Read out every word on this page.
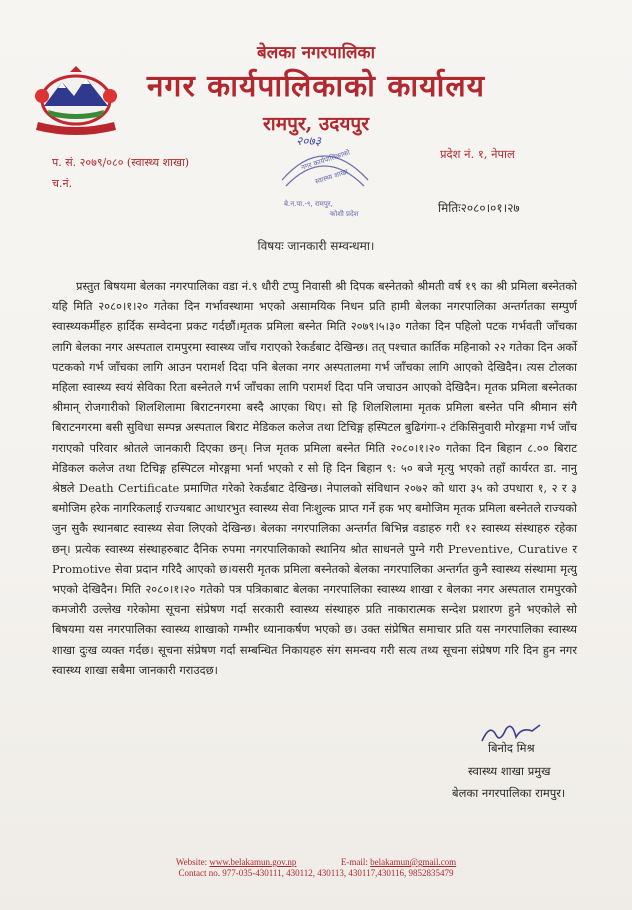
बेलका नगरपालिका
नगर कार्यपालिकाको कार्यालय
रामपुर, उदयपुर
२०७३
प. सं. २०७९/०८० (स्वास्थ्य शाखा)
च.नं.
प्रदेश नं. १, नेपाल
नगर कार्यपालिकाको
स्वास्थ्य शाखा
बे.न.पा.-९, रामपुर,
कोशी प्रदेश	मितिः२०८०।०१।२७
विषयः जानकारी सम्वन्धमा।

प्रस्तुत बिषयमा बेलका नगरपालिका वडा नं.९ धौरी टप्पु निवासी श्री दिपक बस्नेतको श्रीमती वर्ष १९ का श्री प्रमिला बस्नेतको यहि मिति २०८०।१।२० गतेका दिन गर्भावस्थामा भएको असामयिक निधन प्रति हामी बेलका नगरपालिका अन्तर्गतका सम्पुर्ण स्वास्थ्यकर्मीहरु हार्दिक सम्वेदना प्रकट गर्दछौं।मृतक प्रमिला बस्नेत मिति २०७९।५।३० गतेका दिन पहिलो पटक गर्भवती जाँचका लागि बेलका नगर अस्पताल रामपुरमा स्वास्थ्य जाँच गराएको रेकर्डबाट देखिन्छ। तत् पश्चात कार्तिक महिनाको २२ गतेका दिन अर्को पटकको गर्भ जाँचका लागि आउन परामर्श दिदा पनि बेलका नगर अस्पतालमा गर्भ जाँचका लागि आएको देखिदैन। त्यस टोलका महिला स्वास्थ्य स्वयं सेविका रिता बस्नेतले गर्भ जाँचका लागि परामर्श दिदा पनि जचाउन आएको देखिदैन। मृतक प्रमिला बस्नेतका श्रीमान् रोजगारीको शिलशिलामा बिराटनगरमा बस्दै आएका थिए। सो हि शिलशिलामा मृतक प्रमिला बस्नेत पनि श्रीमान संगै बिराटनगरमा बसी सुविधा सम्पन्न अस्पताल बिराट मेडिकल कलेज तथा टिचिङ्ग हस्पिटल बुढिगंगा-२ टंकिसिनुवारी मोरङ्गमा गर्भ जाँच गराएको परिवार श्रोतले जानकारी दिएका छन्। निज मृतक प्रमिला बस्नेत मिति २०८०।१।२० गतेका दिन बिहान ८.०० बिराट मेडिकल कलेज तथा टिचिङ्ग हस्पिटल मोरङ्गमा भर्ना भएको र सो हि दिन बिहान ९: ५० बजे मृत्यु भएको तहाँ कार्यरत डा. नानु श्रेष्ठले Death Certificate प्रमाणित गरेको रेकर्डबाट देखिन्छ। नेपालको संविधान २०७२ को धारा ३५ को उपधारा १, २ र ३ बमोजिम हरेक नागरिकलाई राज्यबाट आधारभुत स्वास्थ्य सेवा निःशुल्क प्राप्त गर्ने हक भए बमोजिम मृतक प्रमिला बस्नेतले राज्यको जुन सुकै स्थानबाट स्वास्थ्य सेवा लिएको देखिन्छ। बेलका नगरपालिका अन्तर्गत बिभिन्न वडाहरु गरी १२ स्वास्थ्य संस्थाहरु रहेका छन्। प्रत्येक स्वास्थ्य संस्थाहरुबाट दैनिक रुपमा नगरपालिकाको स्थानिय श्रोत साधनले पुग्ने गरी Preventive, Curative र Promotive सेवा प्रदान गरिदै आएको छ।यसरी मृतक प्रमिला बस्नेतको बेलका नगरपालिका अन्तर्गत कुनै स्वास्थ्य संस्थामा मृत्यु भएको देखिदैन। मिति २०८०।१।२० गतेको पत्र पत्रिकाबाट बेलका नगरपालिका स्वास्थ्य शाखा र बेलका नगर अस्पताल रामपुरको कमजोरी उल्लेख गरेकोमा सूचना संप्रेषण गर्दा सरकारी स्वास्थ्य संस्थाहरु प्रति नाकारात्मक सन्देश प्रशारण हुने भएकोले सो बिषयमा यस नगरपालिका स्वास्थ्य शाखाको गम्भीर ध्यानाकर्षण भएको छ। उक्त संप्रेषित समाचार प्रति यस नगरपालिका स्वास्थ्य शाखा दुःख व्यक्त गर्दछ। सूचना संप्रेषण गर्दा सम्बन्धित निकायहरु संग समन्वय गरी सत्य तथ्य सूचना संप्रेषण गरि दिन हुन नगर स्वास्थ्य शाखा सबैमा जानकारी गराउदछ।

बिनोद मिश्र
स्वास्थ्य शाखा प्रमुख
बेलका नगरपालिका रामपुर।
Website: www.belakamun.gov.np	E-mail: belakamun@gmail.com
Contact no. 977-035-430111, 430112, 430113, 430117,430116, 9852835479
